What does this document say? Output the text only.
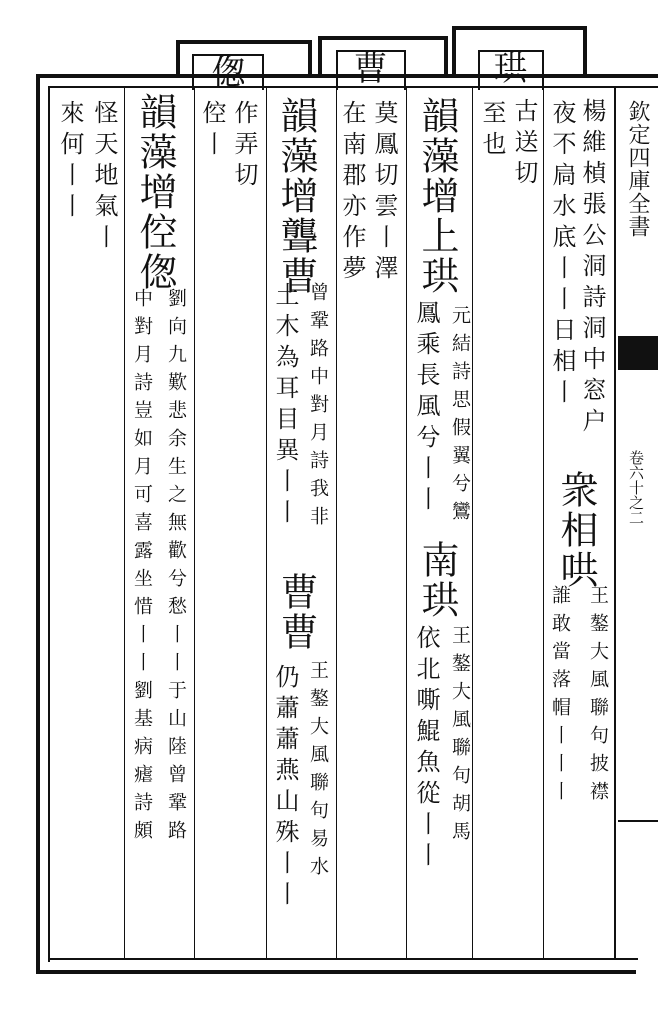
珙
曹
偬
欽定四庫全書
卷六十之二
楊維楨張公洞詩洞中窓户
夜不扃水底丨丨日相丨
衆相哄
王鏊大風聯句披襟
誰敢當落帽丨丨丨
古送切
至也
韻藻增上珙
元結詩思假翼兮鸞
鳳乘長風兮丨丨
南珙
王鏊大風聯句胡馬
依北嘶鯤魚從丨丨
莫鳳切雲丨澤
在南郡亦作夢
韻藻增聾曹
曾鞏路中對月詩我非
土木為耳目異丨丨
曹曹
王鏊大風聯句易水
仍蕭蕭燕山殊丨丨
作弄切
倥丨
韻藻增倥偬
劉向九歎悲余生之無歡兮愁丨丨于山陸曾鞏路
中對月詩豈如月可喜露坐惜丨丨劉基病瘧詩頗
怪天地氣丨
來何丨丨
